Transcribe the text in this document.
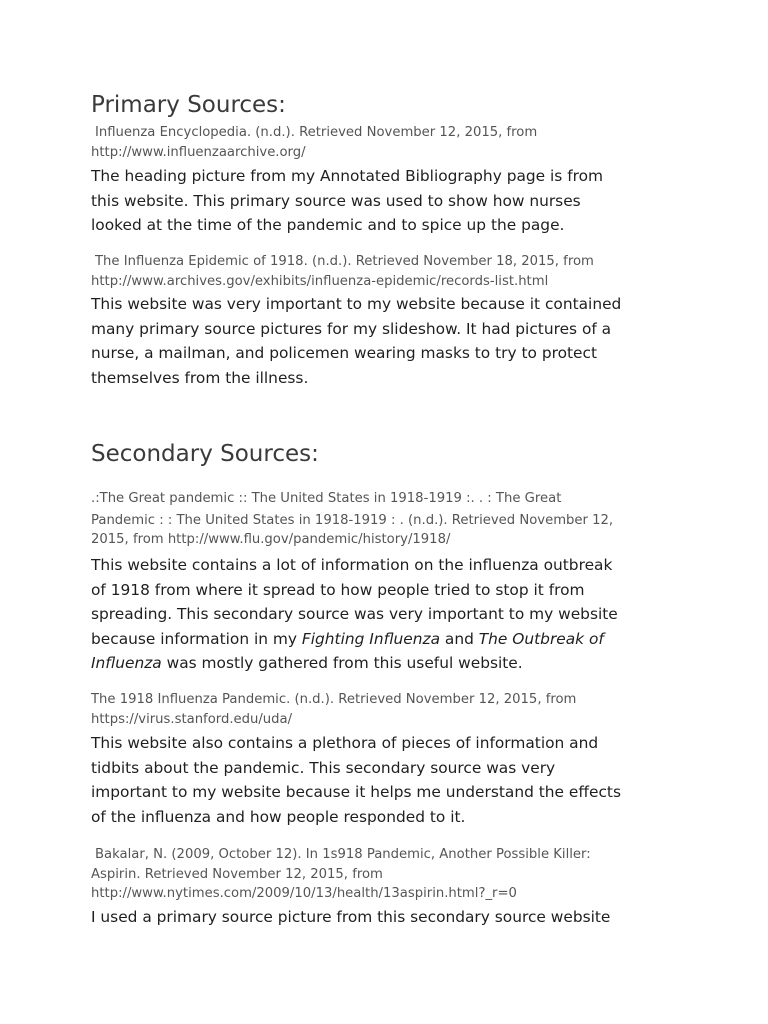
Primary Sources:
Influenza Encyclopedia. (n.d.). Retrieved November 12, 2015, from
http://www.influenzaarchive.org/
The heading picture from my Annotated Bibliography page is from
this website. This primary source was used to show how nurses
looked at the time of the pandemic and to spice up the page.
The Influenza Epidemic of 1918. (n.d.). Retrieved November 18, 2015, from
http://www.archives.gov/exhibits/influenza-epidemic/records-list.html
This website was very important to my website because it contained
many primary source pictures for my slideshow. It had pictures of a
nurse, a mailman, and policemen wearing masks to try to protect
themselves from the illness.
Secondary Sources:
.:The Great pandemic :: The United States in 1918-1919 :. . : The Great
Pandemic : : The United States in 1918-1919 : . (n.d.). Retrieved November 12,
2015, from http://www.flu.gov/pandemic/history/1918/
This website contains a lot of information on the influenza outbreak
of 1918 from where it spread to how people tried to stop it from
spreading. This secondary source was very important to my website
because information in my Fighting Influenza and The Outbreak of
Influenza was mostly gathered from this useful website.
The 1918 Influenza Pandemic. (n.d.). Retrieved November 12, 2015, from
https://virus.stanford.edu/uda/
This website also contains a plethora of pieces of information and
tidbits about the pandemic. This secondary source was very
important to my website because it helps me understand the effects
of the influenza and how people responded to it.
Bakalar, N. (2009, October 12). In 1s918 Pandemic, Another Possible Killer:
Aspirin. Retrieved November 12, 2015, from
http://www.nytimes.com/2009/10/13/health/13aspirin.html?_r=0
I used a primary source picture from this secondary source website
